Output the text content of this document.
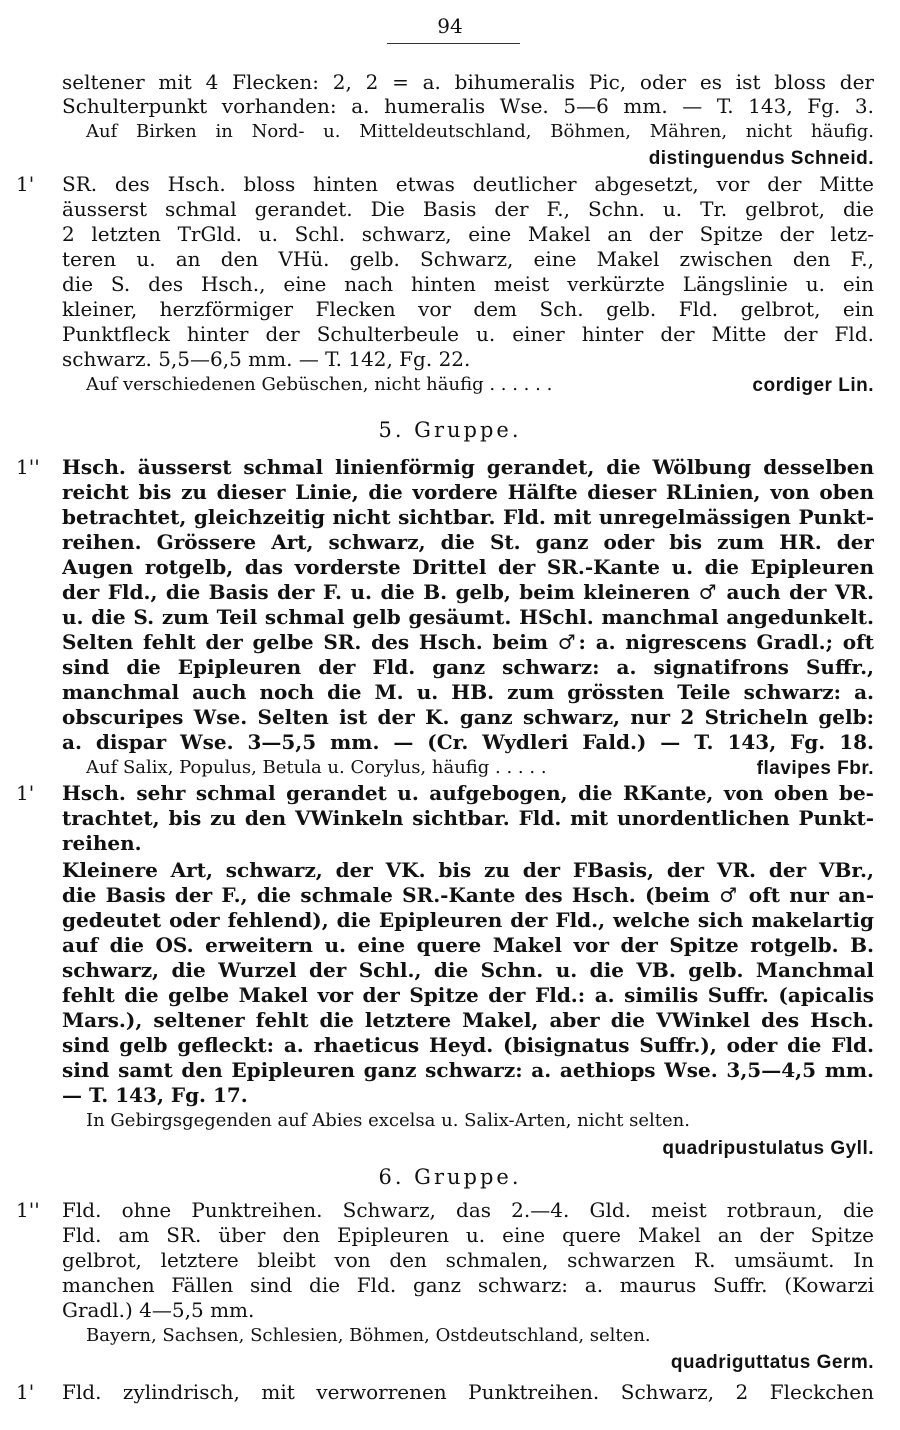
94
seltener mit 4 Flecken: 2, 2 = a. bihumeralis Pic, oder es ist bloss der
Schulterpunkt vorhanden: a. humeralis Wse. 5—6 mm. — T. 143, Fg. 3.
Auf Birken in Nord- u. Mitteldeutschland, Böhmen, Mähren, nicht häufig.
distinguendus Schneid.
1' SR. des Hsch. bloss hinten etwas deutlicher abgesetzt, vor der Mitte
äusserst schmal gerandet. Die Basis der F., Schn. u. Tr. gelbrot, die
2 letzten TrGld. u. Schl. schwarz, eine Makel an der Spitze der letz-
teren u. an den VHü. gelb. Schwarz, eine Makel zwischen den F.,
die S. des Hsch., eine nach hinten meist verkürzte Längslinie u. ein
kleiner, herzförmiger Flecken vor dem Sch. gelb. Fld. gelbrot, ein
Punktfleck hinter der Schulterbeule u. einer hinter der Mitte der Fld.
schwarz. 5,5—6,5 mm. — T. 142, Fg. 22.
Auf verschiedenen Gebüschen, nicht häufig . . . . . .	cordiger Lin.
5. Gruppe.
1'' Hsch. äusserst schmal linienförmig gerandet, die Wölbung desselben
reicht bis zu dieser Linie, die vordere Hälfte dieser RLinien, von oben
betrachtet, gleichzeitig nicht sichtbar. Fld. mit unregelmässigen Punkt-
reihen. Grössere Art, schwarz, die St. ganz oder bis zum HR. der
Augen rotgelb, das vorderste Drittel der SR.-Kante u. die Epipleuren
der Fld., die Basis der F. u. die B. gelb, beim kleineren ♂ auch der VR.
u. die S. zum Teil schmal gelb gesäumt. HSchl. manchmal angedunkelt.
Selten fehlt der gelbe SR. des Hsch. beim ♂: a. nigrescens Gradl.; oft
sind die Epipleuren der Fld. ganz schwarz: a. signatifrons Suffr.,
manchmal auch noch die M. u. HB. zum grössten Teile schwarz: a.
obscuripes Wse. Selten ist der K. ganz schwarz, nur 2 Stricheln gelb:
a. dispar Wse. 3—5,5 mm. — (Cr. Wydleri Fald.) — T. 143, Fg. 18.
Auf Salix, Populus, Betula u. Corylus, häufig . . . . .	flavipes Fbr.
1' Hsch. sehr schmal gerandet u. aufgebogen, die RKante, von oben be-
trachtet, bis zu den VWinkeln sichtbar. Fld. mit unordentlichen Punkt-
reihen.
Kleinere Art, schwarz, der VK. bis zu der FBasis, der VR. der VBr.,
die Basis der F., die schmale SR.-Kante des Hsch. (beim ♂ oft nur an-
gedeutet oder fehlend), die Epipleuren der Fld., welche sich makelartig
auf die OS. erweitern u. eine quere Makel vor der Spitze rotgelb. B.
schwarz, die Wurzel der Schl., die Schn. u. die VB. gelb. Manchmal
fehlt die gelbe Makel vor der Spitze der Fld.: a. similis Suffr. (apicalis
Mars.), seltener fehlt die letztere Makel, aber die VWinkel des Hsch.
sind gelb gefleckt: a. rhaeticus Heyd. (bisignatus Suffr.), oder die Fld.
sind samt den Epipleuren ganz schwarz: a. aethiops Wse. 3,5—4,5 mm.
— T. 143, Fg. 17.
In Gebirgsgegenden auf Abies excelsa u. Salix-Arten, nicht selten.
quadripustulatus Gyll.
6. Gruppe.
1'' Fld. ohne Punktreihen. Schwarz, das 2.—4. Gld. meist rotbraun, die
Fld. am SR. über den Epipleuren u. eine quere Makel an der Spitze
gelbrot, letztere bleibt von den schmalen, schwarzen R. umsäumt. In
manchen Fällen sind die Fld. ganz schwarz: a. maurus Suffr. (Kowarzi
Gradl.) 4—5,5 mm.
Bayern, Sachsen, Schlesien, Böhmen, Ostdeutschland, selten.
quadriguttatus Germ.
1' Fld. zylindrisch, mit verworrenen Punktreihen. Schwarz, 2 Fleckchen
